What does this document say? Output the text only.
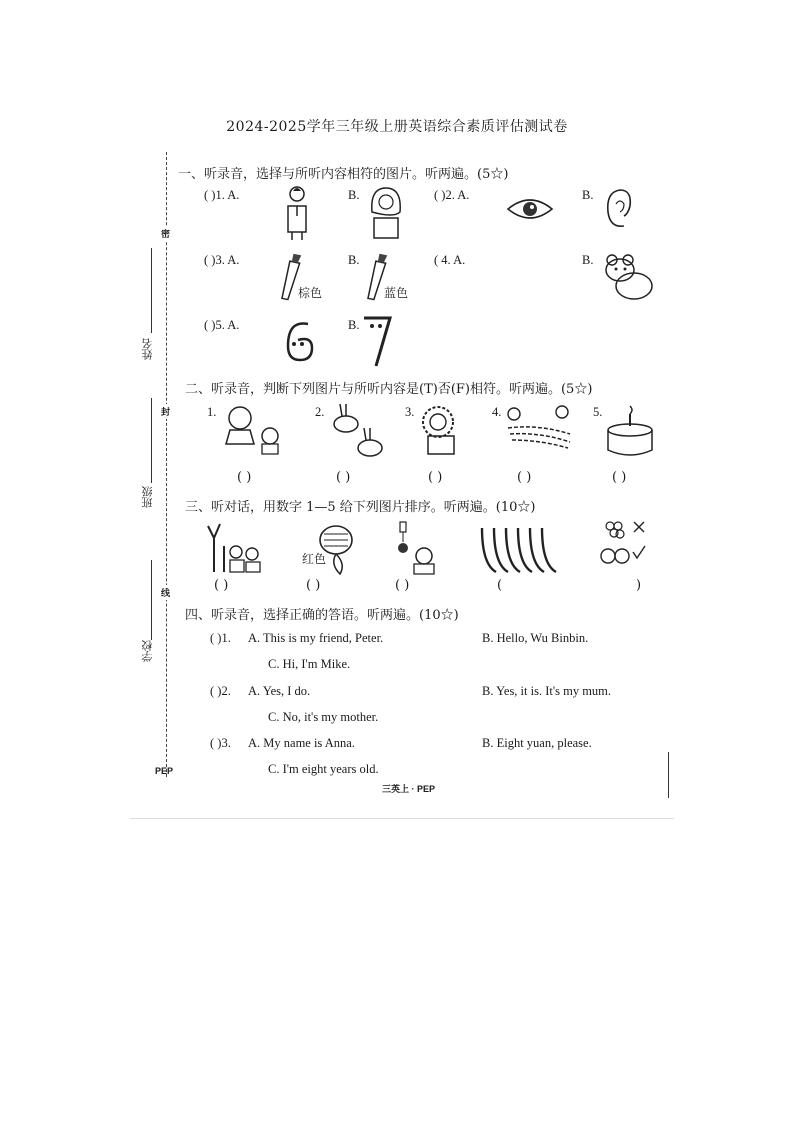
2024-2025学年三年级上册英语综合素质评估测试卷
密
封
线
姓名
班级
学校
PEP
一、听录音，选择与所听内容相符的图片。听两遍。(5☆)
( )1. A.	B.	( )2. A.	B.
( )3. A.
棕色
B.
蓝色
( 4. A.	B.
( )5. A.	B.
二、听录音，判断下列图片与所听内容是(T)否(F)相符。听两遍。(5☆)
1.
( )
2.
( )
3.
( )
4.
( )
5.
( )
三、听对话，用数字 1—5 给下列图片排序。听两遍。(10☆)
( )
红色
( )	( )	(	)
四、听录音，选择正确的答语。听两遍。(10☆)
( )1. A. This is my friend, Peter.	B. Hello, Wu Binbin.
C. Hi, I'm Mike.
( )2. A. Yes, I do.	B. Yes, it is. It's my mum.
C. No, it's my mother.
( )3. A. My name is Anna.	B. Eight yuan, please.
C. I'm eight years old.
三英上 · PEP
